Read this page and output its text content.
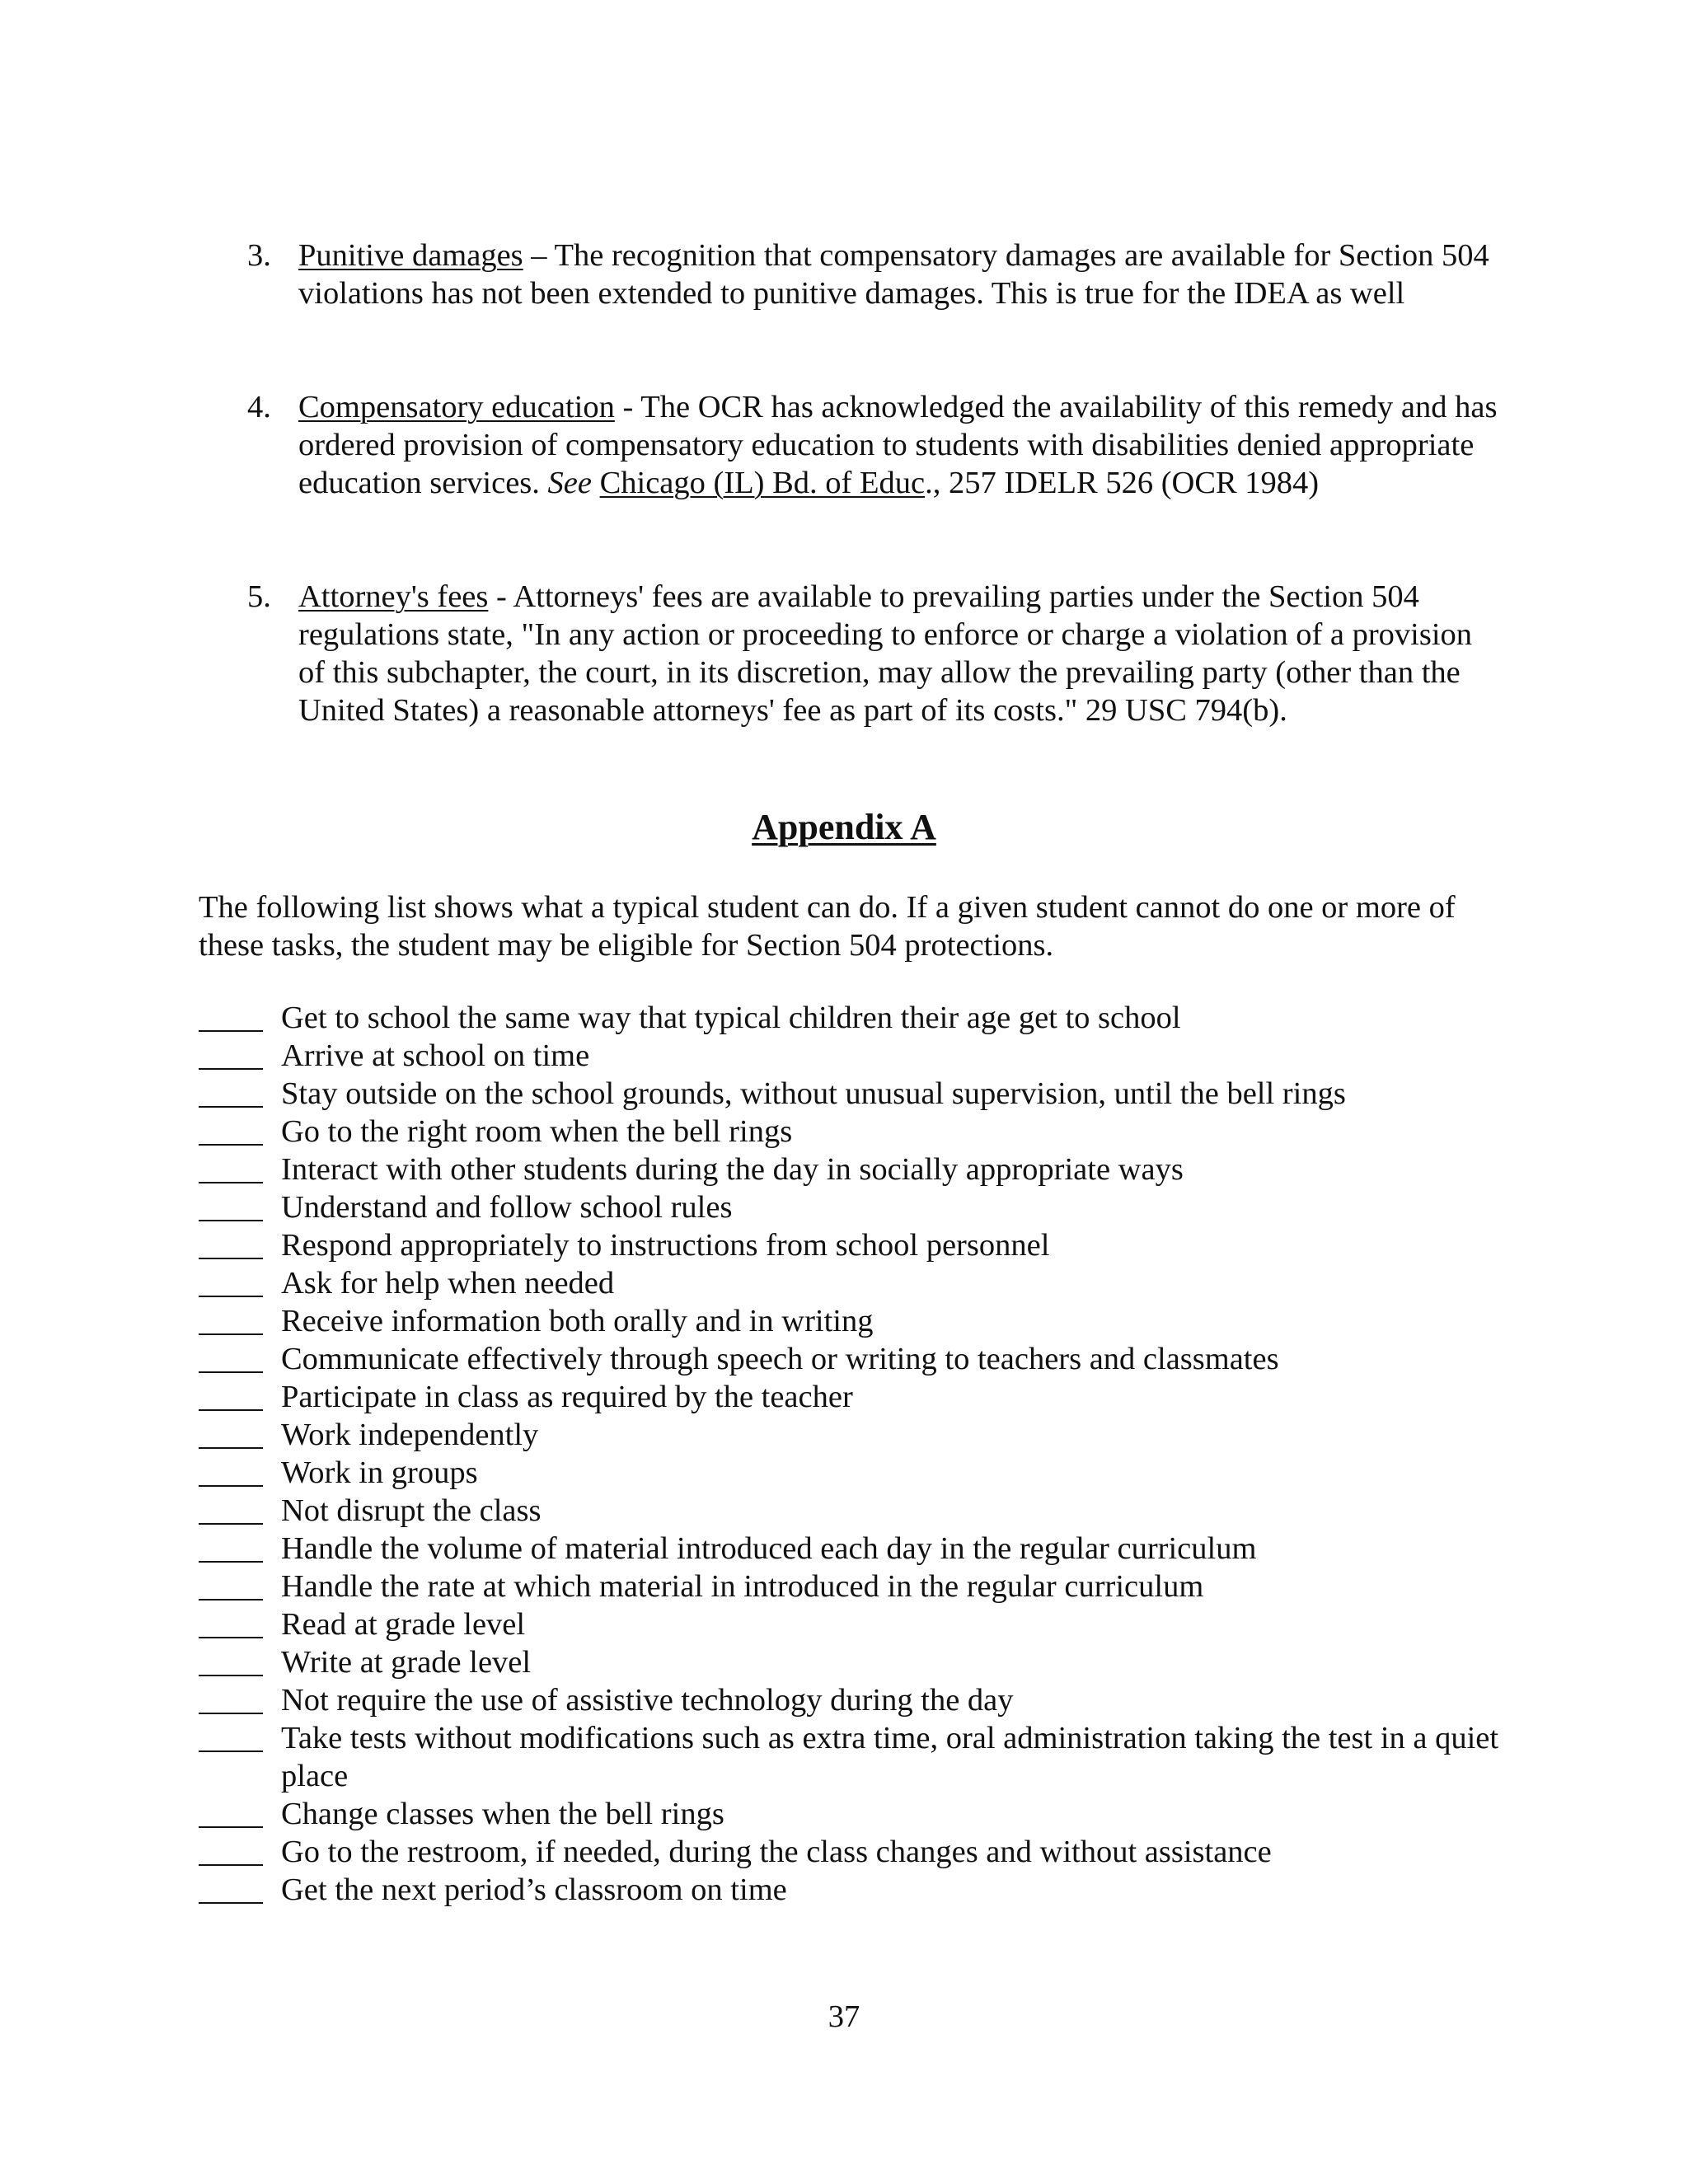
3. Punitive damages – The recognition that compensatory damages are available for Section 504 violations has not been extended to punitive damages. This is true for the IDEA as well
4. Compensatory education - The OCR has acknowledged the availability of this remedy and has ordered provision of compensatory education to students with disabilities denied appropriate education services. See Chicago (IL) Bd. of Educ., 257 IDELR 526 (OCR 1984)
5. Attorney's fees - Attorneys' fees are available to prevailing parties under the Section 504 regulations state, "In any action or proceeding to enforce or charge a violation of a provision of this subchapter, the court, in its discretion, may allow the prevailing party (other than the United States) a reasonable attorneys' fee as part of its costs." 29 USC 794(b).
Appendix A
The following list shows what a typical student can do. If a given student cannot do one or more of these tasks, the student may be eligible for Section 504 protections.
Get to school the same way that typical children their age get to school
Arrive at school on time
Stay outside on the school grounds, without unusual supervision, until the bell rings
Go to the right room when the bell rings
Interact with other students during the day in socially appropriate ways
Understand and follow school rules
Respond appropriately to instructions from school personnel
Ask for help when needed
Receive information both orally and in writing
Communicate effectively through speech or writing to teachers and classmates
Participate in class as required by the teacher
Work independently
Work in groups
Not disrupt the class
Handle the volume of material introduced each day in the regular curriculum
Handle the rate at which material in introduced in the regular curriculum
Read at grade level
Write at grade level
Not require the use of assistive technology during the day
Take tests without modifications such as extra time, oral administration taking the test in a quiet place
Change classes when the bell rings
Go to the restroom, if needed, during the class changes and without assistance
Get the next period’s classroom on time
37
